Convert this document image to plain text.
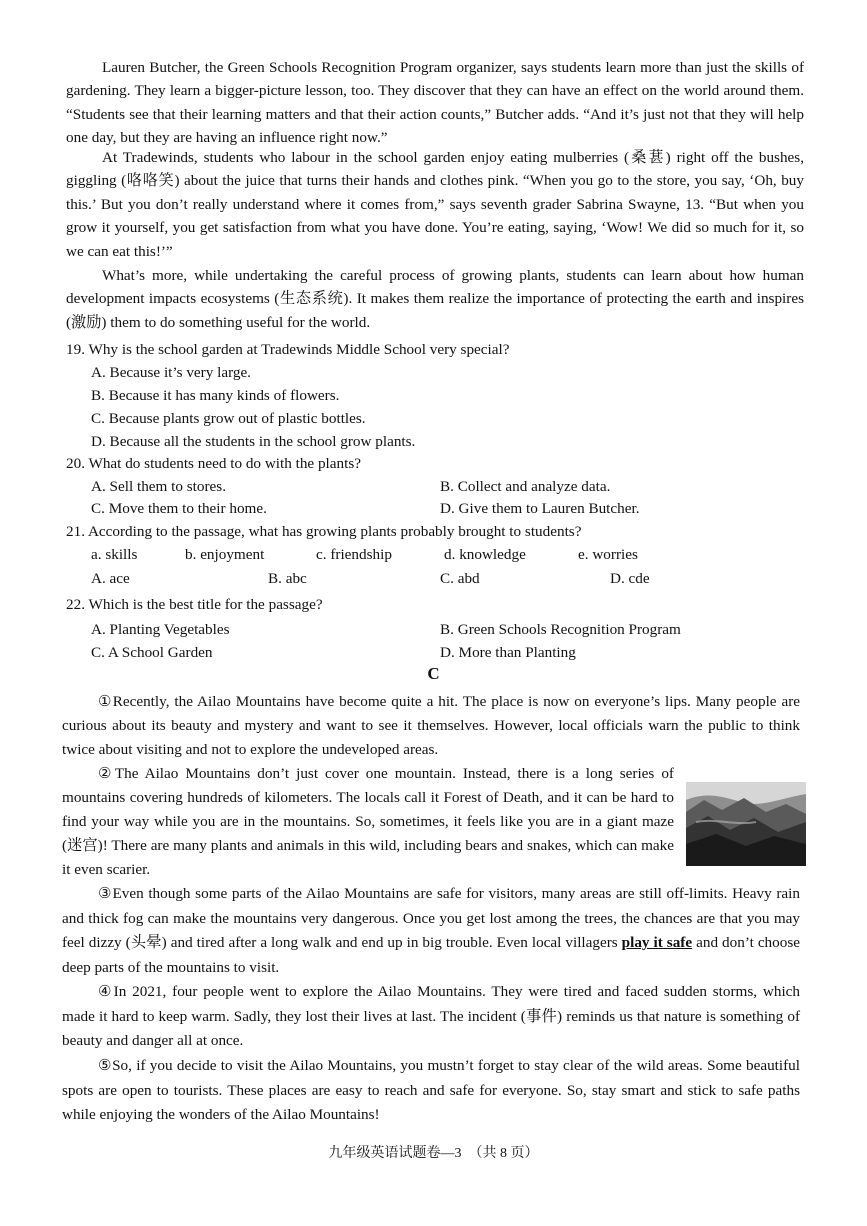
Lauren Butcher, the Green Schools Recognition Program organizer, says students learn more than just the skills of gardening. They learn a bigger-picture lesson, too. They discover that they can have an effect on the world around them. “Students see that their learning matters and that their action counts,” Butcher adds. “And it’s just not that they will help one day, but they are having an influence right now.”

At Tradewinds, students who labour in the school garden enjoy eating mulberries (桑葚) right off the bushes, giggling (咯咯笑) about the juice that turns their hands and clothes pink. “When you go to the store, you say, ‘Oh, buy this.’ But you don’t really understand where it comes from,” says seventh grader Sabrina Swayne, 13. “But when you grow it yourself, you get satisfaction from what you have done. You’re eating, saying, ‘Wow! We did so much for it, so we can eat this!’”

What’s more, while undertaking the careful process of growing plants, students can learn about how human development impacts ecosystems (生态系统). It makes them realize the importance of protecting the earth and inspires (激励) them to do something useful for the world.

19. Why is the school garden at Tradewinds Middle School very special?

A. Because it’s very large.

B. Because it has many kinds of flowers.

C. Because plants grow out of plastic bottles.

D. Because all the students in the school grow plants.

20. What do students need to do with the plants?

A. Sell them to stores.	B. Collect and analyze data.

C. Move them to their home.	D. Give them to Lauren Butcher.

21. According to the passage, what has growing plants probably brought to students?

a. skills	b. enjoyment	c. friendship	d. knowledge	e. worries

A. ace	B. abc	C. abd	D. cde

22. Which is the best title for the passage?

A. Planting Vegetables	B. Green Schools Recognition Program

C. A School Garden	D. More than Planting

C

①Recently, the Ailao Mountains have become quite a hit. The place is now on everyone’s lips. Many people are curious about its beauty and mystery and want to see it themselves. However, local officials warn the public to think twice about visiting and not to explore the undeveloped areas.

②The Ailao Mountains don’t just cover one mountain. Instead, there is a long series of mountains covering hundreds of kilometers. The locals call it Forest of Death, and it can be hard to find your way while you are in the mountains. So, sometimes, it feels like you are in a giant maze (迷宫)! There are many plants and animals in this wild, including bears and snakes, which can make it even scarier.

③Even though some parts of the Ailao Mountains are safe for visitors, many areas are still off-limits. Heavy rain and thick fog can make the mountains very dangerous. Once you get lost among the trees, the chances are that you may feel dizzy (头晕) and tired after a long walk and end up in big trouble. Even local villagers play it safe and don’t choose deep parts of the mountains to visit.

④In 2021, four people went to explore the Ailao Mountains. They were tired and faced sudden storms, which made it hard to keep warm. Sadly, they lost their lives at last. The incident (事件) reminds us that nature is something of beauty and danger all at once.

⑤So, if you decide to visit the Ailao Mountains, you mustn’t forget to stay clear of the wild areas. Some beautiful spots are open to tourists. These places are easy to reach and safe for everyone. So, stay smart and stick to safe paths while enjoying the wonders of the Ailao Mountains!

九年级英语试题卷—3　（共 8 页）
